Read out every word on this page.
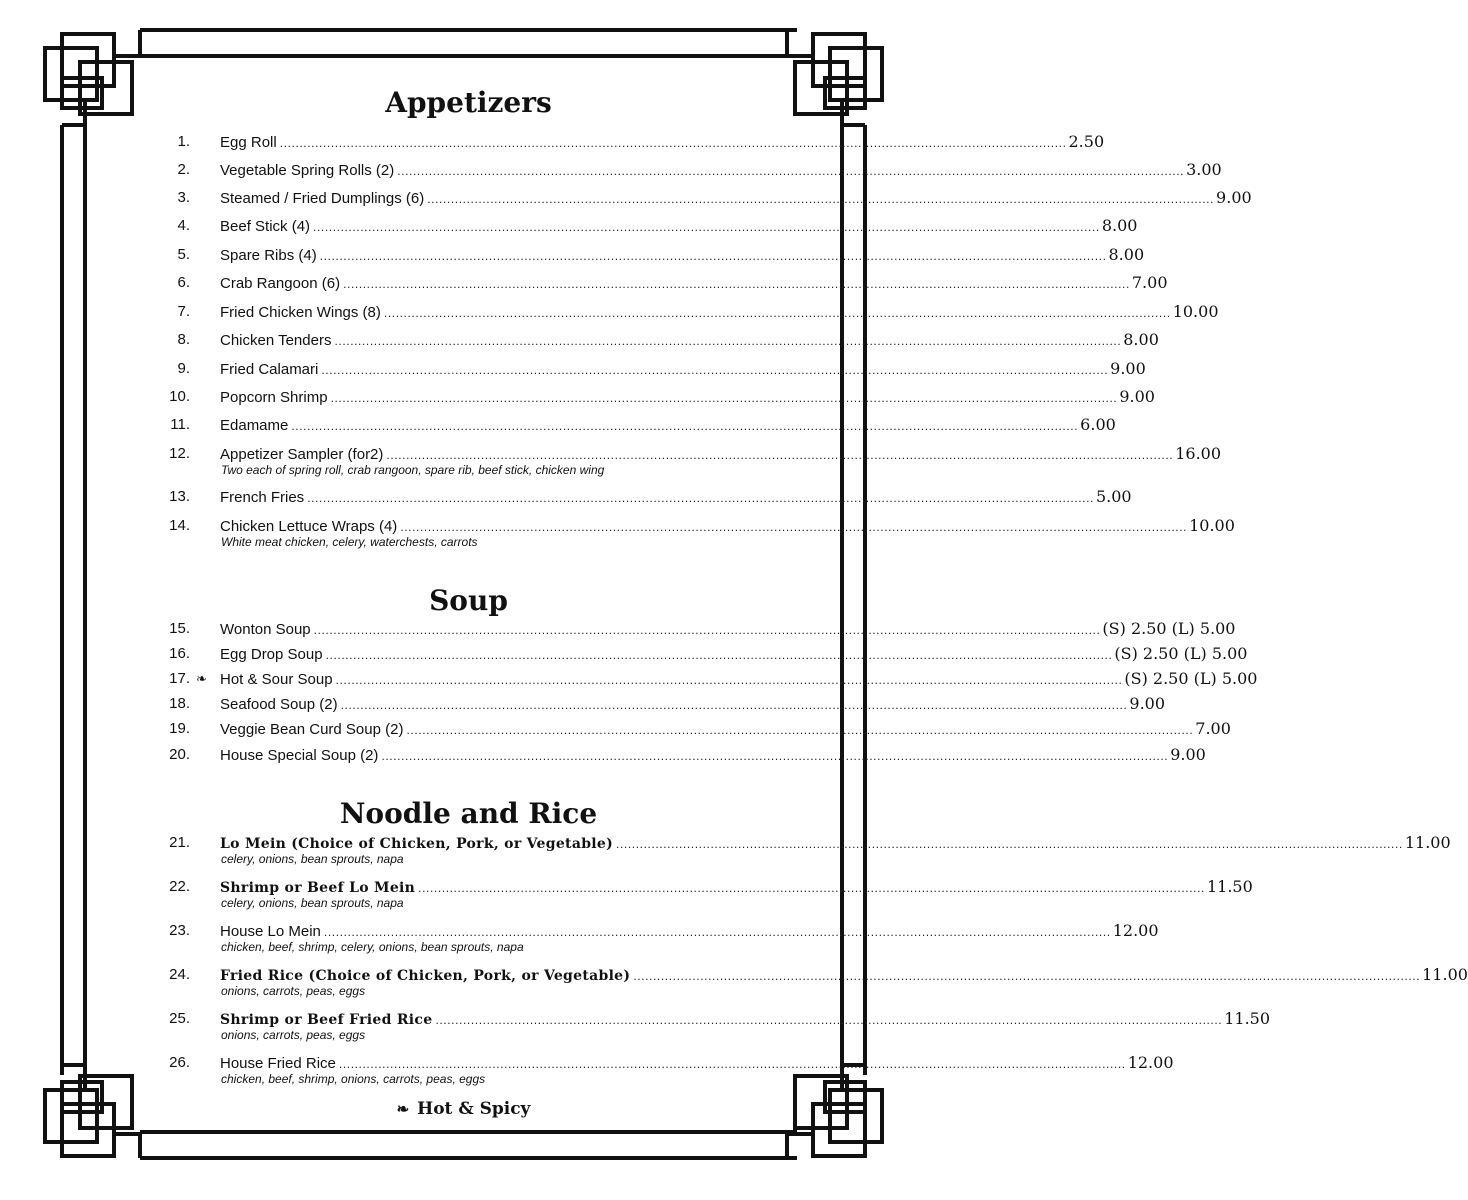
Appetizers
1. Egg Roll ........................................................................................................................................................................................................ 2.50
2. Vegetable Spring Rolls (2) ........................................................................................................................................................................................................ 3.00
3. Steamed / Fried Dumplings (6) ........................................................................................................................................................................................................ 9.00
4. Beef Stick (4) ........................................................................................................................................................................................................ 8.00
5. Spare Ribs (4) ........................................................................................................................................................................................................ 8.00
6. Crab Rangoon (6) ........................................................................................................................................................................................................ 7.00
7. Fried Chicken Wings (8) ........................................................................................................................................................................................................ 10.00
8. Chicken Tenders ........................................................................................................................................................................................................ 8.00
9. Fried Calamari ........................................................................................................................................................................................................ 9.00
10. Popcorn Shrimp ........................................................................................................................................................................................................ 9.00
11. Edamame ........................................................................................................................................................................................................ 6.00
12. Appetizer Sampler (for2) ........................................................................................................................................................................................................ 16.00
Two each of spring roll, crab rangoon, spare rib, beef stick, chicken wing
13. French Fries ........................................................................................................................................................................................................ 5.00
14. Chicken Lettuce Wraps (4) ........................................................................................................................................................................................................ 10.00
White meat chicken, celery, waterchests, carrots
Soup
15. Wonton Soup ........................................................................................................................................................................................................ (S) 2.50 (L) 5.00
16. Egg Drop Soup ........................................................................................................................................................................................................ (S) 2.50 (L) 5.00
17. ❧ Hot & Sour Soup ........................................................................................................................................................................................................ (S) 2.50 (L) 5.00
18. Seafood Soup (2) ........................................................................................................................................................................................................ 9.00
19. Veggie Bean Curd Soup (2) ........................................................................................................................................................................................................ 7.00
20. House Special Soup (2) ........................................................................................................................................................................................................ 9.00
Noodle and Rice
21. Lo Mein (Choice of Chicken, Pork, or Vegetable) ........................................................................................................................................................................................................ 11.00
celery, onions, bean sprouts, napa
22. Shrimp or Beef Lo Mein ........................................................................................................................................................................................................ 11.50
celery, onions, bean sprouts, napa
23. House Lo Mein ........................................................................................................................................................................................................ 12.00
chicken, beef, shrimp, celery, onions, bean sprouts, napa
24. Fried Rice (Choice of Chicken, Pork, or Vegetable) ........................................................................................................................................................................................................ 11.00
onions, carrots, peas, eggs
25. Shrimp or Beef Fried Rice ........................................................................................................................................................................................................ 11.50
onions, carrots, peas, eggs
26. House Fried Rice ........................................................................................................................................................................................................ 12.00
chicken, beef, shrimp, onions, carrots, peas, eggs
❧ Hot & Spicy
